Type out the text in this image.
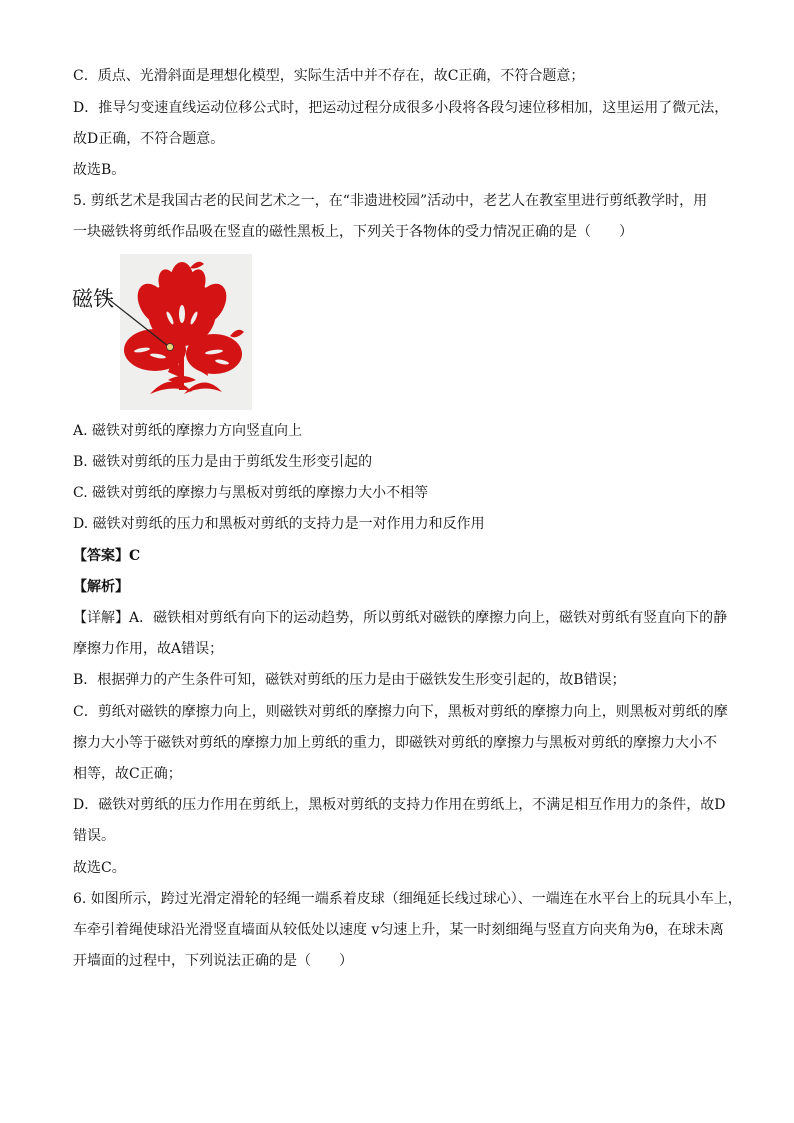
C．质点、光滑斜面是理想化模型，实际生活中并不存在，故C正确，不符合题意；
D．推导匀变速直线运动位移公式时，把运动过程分成很多小段将各段匀速位移相加，这里运用了微元法，
故D正确，不符合题意。
故选B。
5. 剪纸艺术是我国古老的民间艺术之一，在“非遗进校园”活动中，老艺人在教室里进行剪纸教学时，用
一块磁铁将剪纸作品吸在竖直的磁性黑板上，下列关于各物体的受力情况正确的是（　　）
磁铁
A. 磁铁对剪纸的摩擦力方向竖直向上
B. 磁铁对剪纸的压力是由于剪纸发生形变引起的
C. 磁铁对剪纸的摩擦力与黑板对剪纸的摩擦力大小不相等
D. 磁铁对剪纸的压力和黑板对剪纸的支持力是一对作用力和反作用
【答案】C
【解析】
【详解】A．磁铁相对剪纸有向下的运动趋势，所以剪纸对磁铁的摩擦力向上，磁铁对剪纸有竖直向下的静
摩擦力作用，故A错误；
B．根据弹力的产生条件可知，磁铁对剪纸的压力是由于磁铁发生形变引起的，故B错误；
C．剪纸对磁铁的摩擦力向上，则磁铁对剪纸的摩擦力向下，黑板对剪纸的摩擦力向上，则黑板对剪纸的摩
擦力大小等于磁铁对剪纸的摩擦力加上剪纸的重力，即磁铁对剪纸的摩擦力与黑板对剪纸的摩擦力大小不
相等，故C正确；
D．磁铁对剪纸的压力作用在剪纸上，黑板对剪纸的支持力作用在剪纸上，不满足相互作用力的条件，故D
错误。
故选C。
6. 如图所示，跨过光滑定滑轮的轻绳一端系着皮球（细绳延长线过球心）、一端连在水平台上的玩具小车上，
车牵引着绳使球沿光滑竖直墙面从较低处以速度 v匀速上升，某一时刻细绳与竖直方向夹角为θ，在球未离
开墙面的过程中，下列说法正确的是（　　）
